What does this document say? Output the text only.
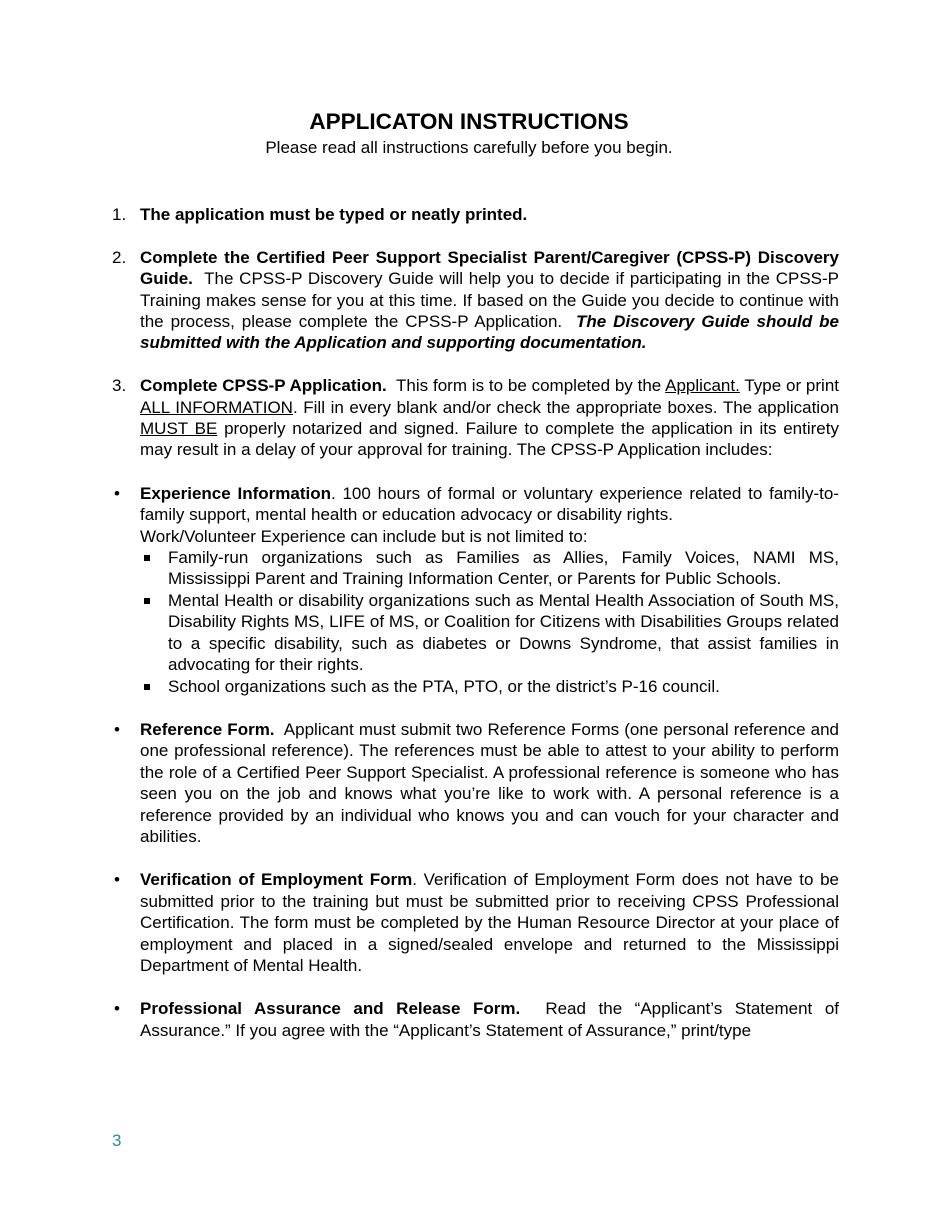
APPLICATON INSTRUCTIONS

Please read all instructions carefully before you begin.

1. The application must be typed or neatly printed.

2. Complete the Certified Peer Support Specialist Parent/Caregiver (CPSS-P) Discovery Guide. The CPSS-P Discovery Guide will help you to decide if participating in the CPSS-P Training makes sense for you at this time. If based on the Guide you decide to continue with the process, please complete the CPSS-P Application. The Discovery Guide should be submitted with the Application and supporting documentation.

3. Complete CPSS-P Application. This form is to be completed by the Applicant. Type or print ALL INFORMATION. Fill in every blank and/or check the appropriate boxes. The application MUST BE properly notarized and signed. Failure to complete the application in its entirety may result in a delay of your approval for training. The CPSS-P Application includes:

• Experience Information. 100 hours of formal or voluntary experience related to family-to-family support, mental health or education advocacy or disability rights.

Work/Volunteer Experience can include but is not limited to:

Family-run organizations such as Families as Allies, Family Voices, NAMI MS, Mississippi Parent and Training Information Center, or Parents for Public Schools.
Mental Health or disability organizations such as Mental Health Association of South MS, Disability Rights MS, LIFE of MS, or Coalition for Citizens with Disabilities Groups related to a specific disability, such as diabetes or Downs Syndrome, that assist families in advocating for their rights.
School organizations such as the PTA, PTO, or the district’s P-16 council.

• Reference Form. Applicant must submit two Reference Forms (one personal reference and one professional reference). The references must be able to attest to your ability to perform the role of a Certified Peer Support Specialist. A professional reference is someone who has seen you on the job and knows what you’re like to work with. A personal reference is a reference provided by an individual who knows you and can vouch for your character and abilities.

• Verification of Employment Form. Verification of Employment Form does not have to be submitted prior to the training but must be submitted prior to receiving CPSS Professional Certification. The form must be completed by the Human Resource Director at your place of employment and placed in a signed/sealed envelope and returned to the Mississippi Department of Mental Health.

• Professional Assurance and Release Form. Read the “Applicant’s Statement of Assurance.” If you agree with the “Applicant’s Statement of Assurance,” print/type

3
